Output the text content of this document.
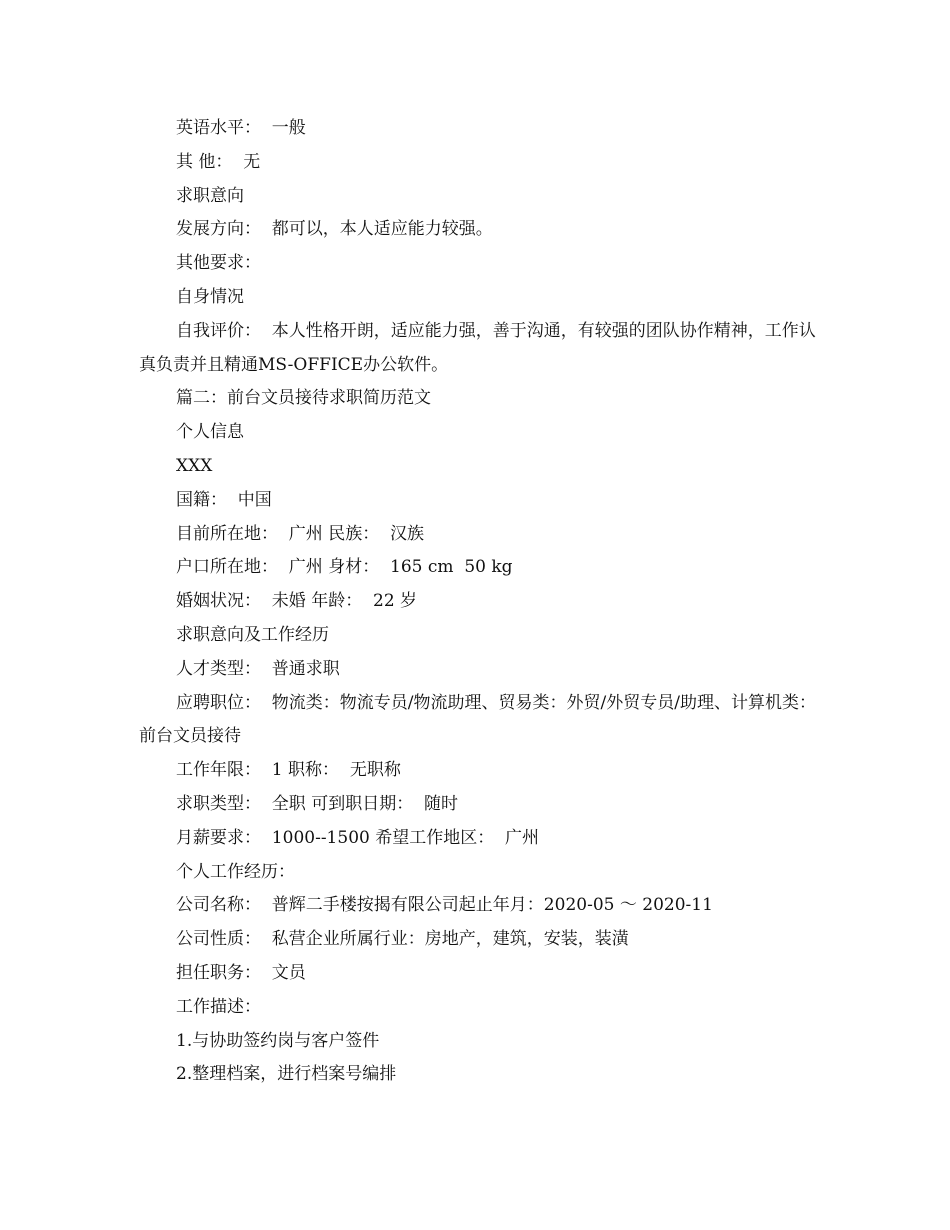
英语水平：  一般

其 他：  无

求职意向

发展方向：  都可以，本人适应能力较强。

其他要求：

自身情况

自我评价：  本人性格开朗，适应能力强，善于沟通，有较强的团队协作精神，工作认真负责并且精通MS-OFFICE办公软件。

篇二：前台文员接待求职简历范文

个人信息

XXX

国籍：  中国

目前所在地：  广州 民族：  汉族

户口所在地：  广州 身材：  165 cm  50 kg

婚姻状况：  未婚 年龄：  22 岁

求职意向及工作经历

人才类型：  普通求职

应聘职位：  物流类：物流专员/物流助理、贸易类：外贸/外贸专员/助理、计算机类：前台文员接待

工作年限：  1 职称：  无职称

求职类型：  全职 可到职日期：  随时

月薪要求：  1000--1500 希望工作地区：  广州

个人工作经历：

公司名称：  普辉二手楼按揭有限公司起止年月：2020-05 ～ 2020-11

公司性质：  私营企业所属行业：房地产，建筑，安装，装潢

担任职务：  文员

工作描述：

1.与协助签约岗与客户签件

2.整理档案，进行档案号编排
